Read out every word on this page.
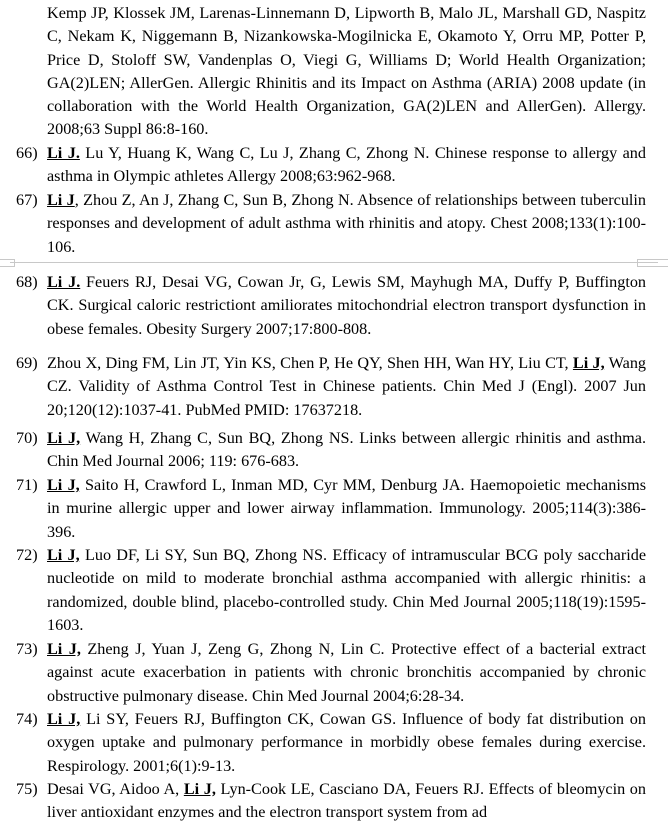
Kemp JP, Klossek JM, Larenas-Linnemann D, Lipworth B, Malo JL, Marshall GD, Naspitz C, Nekam K, Niggemann B, Nizankowska-Mogilnicka E, Okamoto Y, Orru MP, Potter P, Price D, Stoloff SW, Vandenplas O, Viegi G, Williams D; World Health Organization; GA(2)LEN; AllerGen. Allergic Rhinitis and its Impact on Asthma (ARIA) 2008 update (in collaboration with the World Health Organization, GA(2)LEN and AllerGen). Allergy. 2008;63 Suppl 86:8-160.
66) Li J. Lu Y, Huang K, Wang C, Lu J, Zhang C, Zhong N. Chinese response to allergy and asthma in Olympic athletes Allergy 2008;63:962-968.
67) Li J, Zhou Z, An J, Zhang C, Sun B, Zhong N. Absence of relationships between tuberculin responses and development of adult asthma with rhinitis and atopy. Chest 2008;133(1):100-106.
68) Li J. Feuers RJ, Desai VG, Cowan Jr, G, Lewis SM, Mayhugh MA, Duffy P, Buffington CK. Surgical caloric restrictiont amiliorates mitochondrial electron transport dysfunction in obese females. Obesity Surgery 2007;17:800-808.
69) Zhou X, Ding FM, Lin JT, Yin KS, Chen P, He QY, Shen HH, Wan HY, Liu CT, Li J, Wang CZ. Validity of Asthma Control Test in Chinese patients. Chin Med J (Engl). 2007 Jun 20;120(12):1037-41. PubMed PMID: 17637218.
70) Li J, Wang H, Zhang C, Sun BQ, Zhong NS. Links between allergic rhinitis and asthma. Chin Med Journal 2006; 119: 676-683.
71) Li J, Saito H, Crawford L, Inman MD, Cyr MM, Denburg JA. Haemopoietic mechanisms in murine allergic upper and lower airway inflammation. Immunology. 2005;114(3):386-396.
72) Li J, Luo DF, Li SY, Sun BQ, Zhong NS. Efficacy of intramuscular BCG poly saccharide nucleotide on mild to moderate bronchial asthma accompanied with allergic rhinitis: a randomized, double blind, placebo-controlled study. Chin Med Journal 2005;118(19):1595-1603.
73) Li J, Zheng J, Yuan J, Zeng G, Zhong N, Lin C. Protective effect of a bacterial extract against acute exacerbation in patients with chronic bronchitis accompanied by chronic obstructive pulmonary disease. Chin Med Journal 2004;6:28-34.
74) Li J, Li SY, Feuers RJ, Buffington CK, Cowan GS. Influence of body fat distribution on oxygen uptake and pulmonary performance in morbidly obese females during exercise. Respirology. 2001;6(1):9-13.
75) Desai VG, Aidoo A, Li J, Lyn-Cook LE, Casciano DA, Feuers RJ. Effects of bleomycin on liver antioxidant enzymes and the electron transport system from ad
